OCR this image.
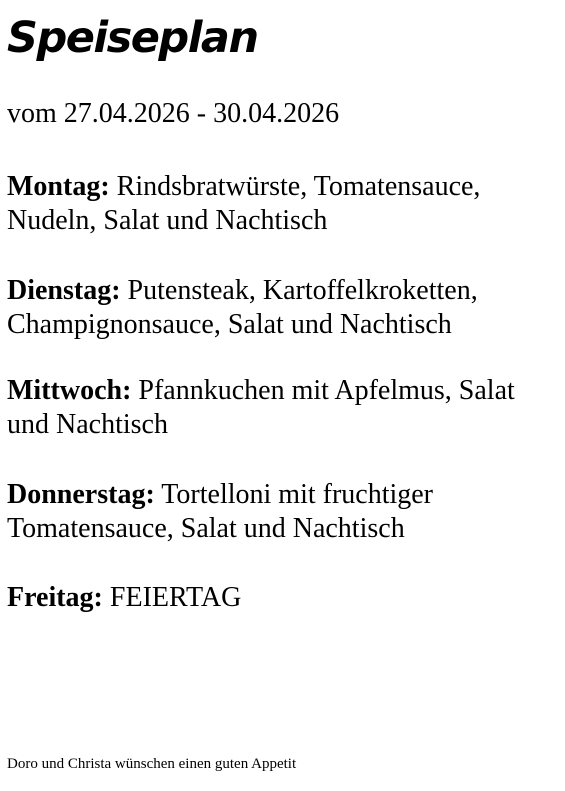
Speiseplan

vom 27.04.2026 - 30.04.2026

Montag: Rindsbratwürste, Tomatensauce, Nudeln, Salat und Nachtisch

Dienstag: Putensteak, Kartoffelkroketten, Champignonsauce, Salat und Nachtisch

Mittwoch: Pfannkuchen mit Apfelmus, Salat und Nachtisch

Donnerstag: Tortelloni mit fruchtiger Tomatensauce, Salat und Nachtisch

Freitag: FEIERTAG

Doro und Christa wünschen einen guten Appetit
